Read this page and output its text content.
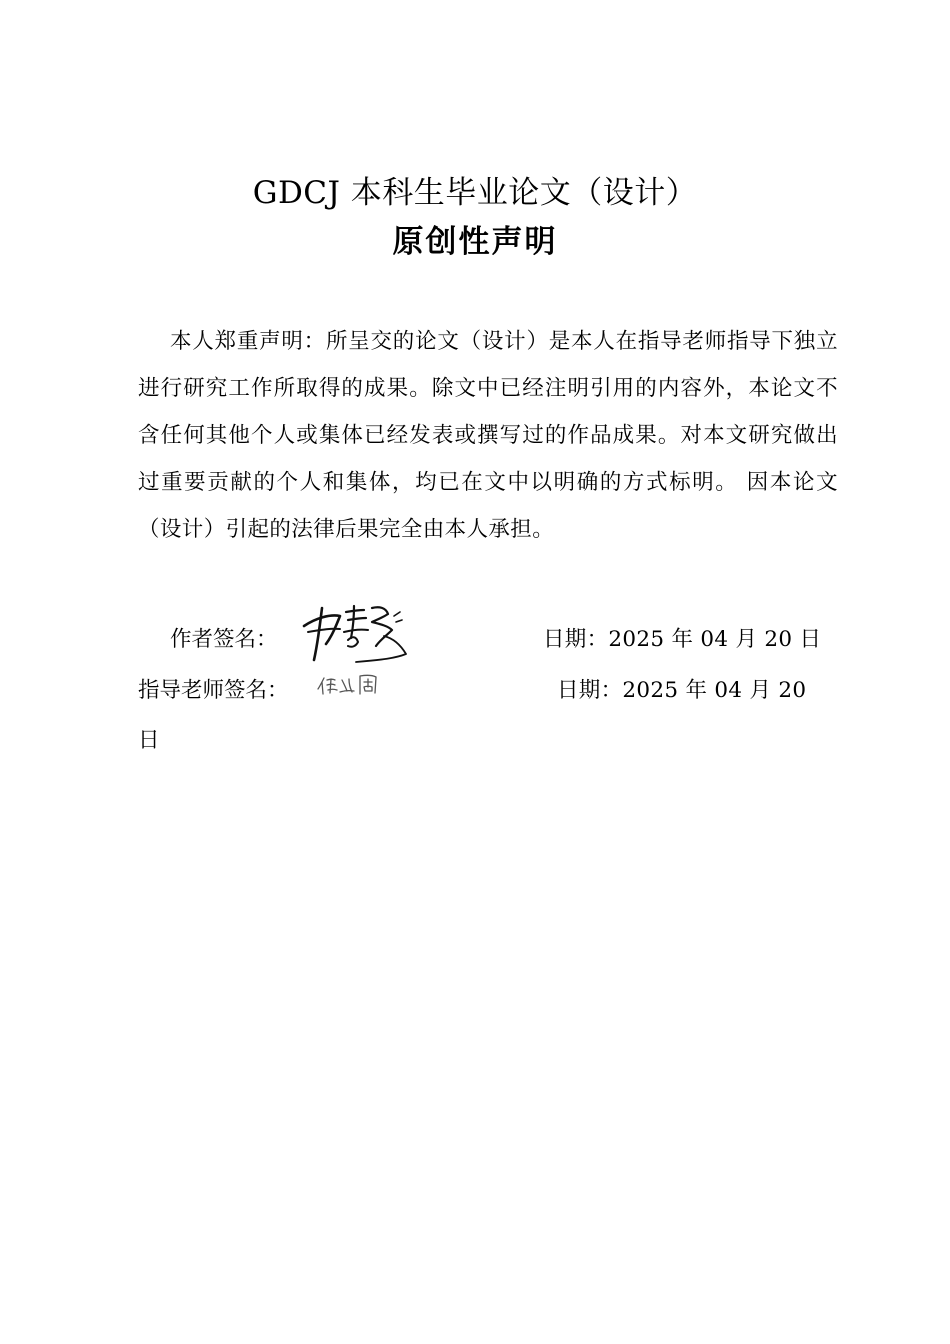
GDCJ 本科生毕业论文（设计）
原创性声明

本人郑重声明：所呈交的论文（设计）是本人在指导老师指导下独立进行研究工作所取得的成果。除文中已经注明引用的内容外，本论文不含任何其他个人或集体已经发表或撰写过的作品成果。对本文研究做出过重要贡献的个人和集体，均已在文中以明确的方式标明。 因本论文（设计）引起的法律后果完全由本人承担。

作者签名：	日期：2025 年 04 月 20 日
指导老师签名：	日期：2025 年 04 月 20
日
